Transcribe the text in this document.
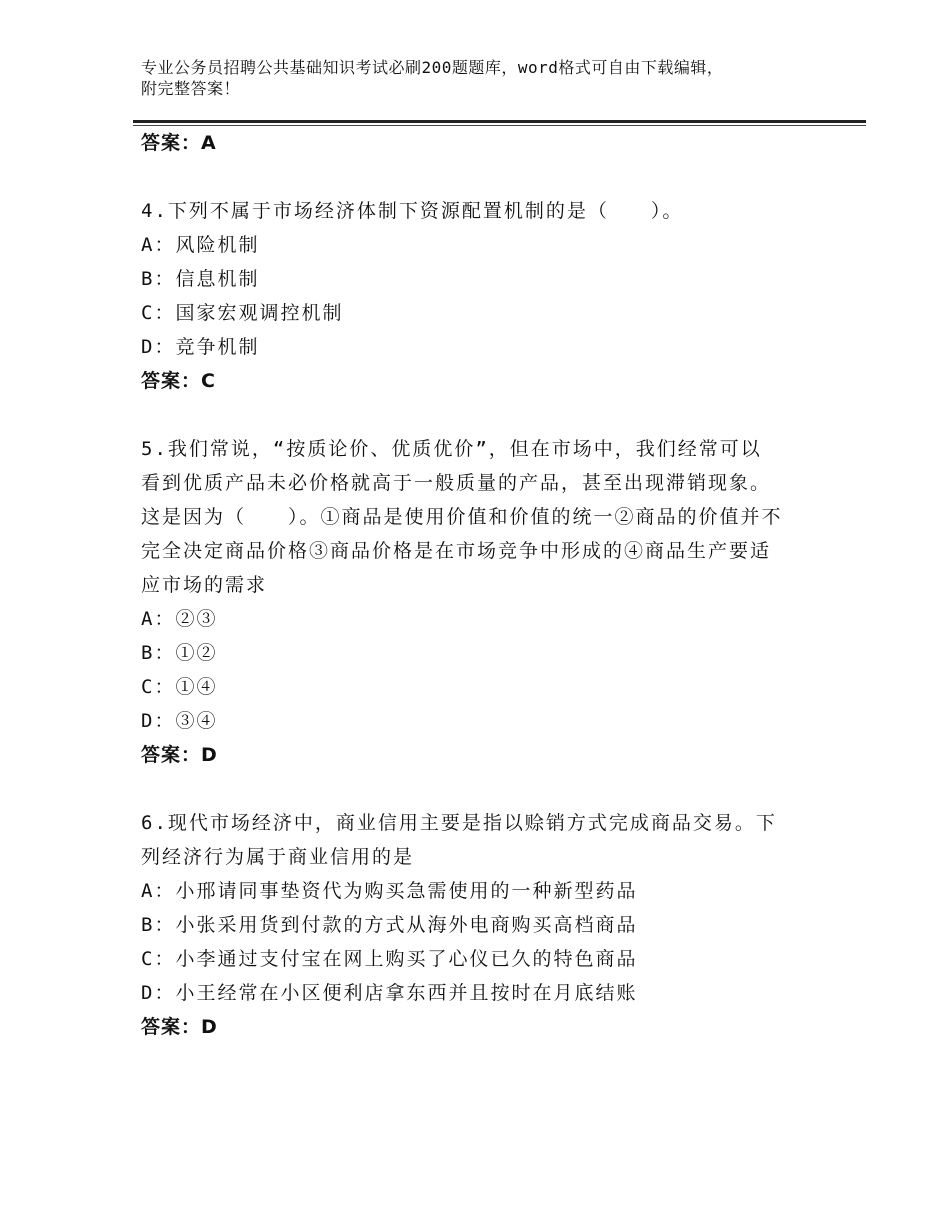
专业公务员招聘公共基础知识考试必刷200题题库，word格式可自由下载编辑，
附完整答案！
答案：A
4.下列不属于市场经济体制下资源配置机制的是（　　）。
A：风险机制
B：信息机制
C：国家宏观调控机制
D：竞争机制
答案：C
5.我们常说，“按质论价、优质优价”，但在市场中，我们经常可以
看到优质产品未必价格就高于一般质量的产品，甚至出现滞销现象。
这是因为（　　）。①商品是使用价值和价值的统一②商品的价值并不
完全决定商品价格③商品价格是在市场竞争中形成的④商品生产要适
应市场的需求
A：②③
B：①②
C：①④
D：③④
答案：D
6.现代市场经济中，商业信用主要是指以赊销方式完成商品交易。下
列经济行为属于商业信用的是
A：小邢请同事垫资代为购买急需使用的一种新型药品
B：小张采用货到付款的方式从海外电商购买高档商品
C：小李通过支付宝在网上购买了心仪已久的特色商品
D：小王经常在小区便利店拿东西并且按时在月底结账
答案：D
